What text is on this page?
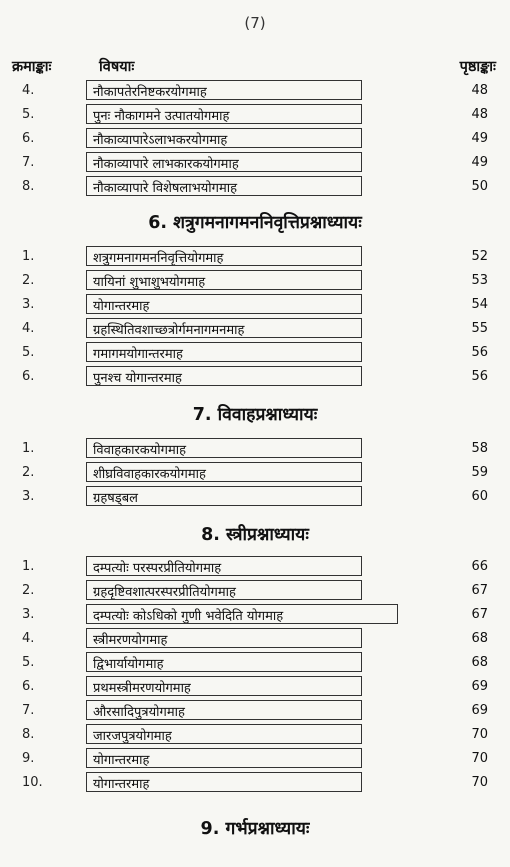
(7)
क्रमाङ्काः	विषयाः	पृष्ठाङ्काः
4.	नौकापतेरनिष्टकरयोगमाह	48
5.	पुनः नौकागमने उत्पातयोगमाह	48
6.	नौकाव्यापारेऽलाभकरयोगमाह	49
7.	नौकाव्यापारे लाभकारकयोगमाह	49
8.	नौकाव्यापारे विशेषलाभयोगमाह	50
6. शत्रुगमनागमननिवृत्तिप्रश्नाध्यायः
1.	शत्रुगमनागमननिवृत्तियोगमाह	52
2.	यायिनां शुभाशुभयोगमाह	53
3.	योगान्तरमाह	54
4.	ग्रहस्थितिवशाच्छत्रोर्गमनागमनमाह	55
5.	गमागमयोगान्तरमाह	56
6.	पुनश्च योगान्तरमाह	56
7. विवाहप्रश्नाध्यायः
1.	विवाहकारकयोगमाह	58
2.	शीघ्रविवाहकारकयोगमाह	59
3.	ग्रहषड्बल	60
8. स्त्रीप्रश्नाध्यायः
1.	दम्पत्योः परस्परप्रीतियोगमाह	66
2.	ग्रहदृष्टिवशात्परस्परप्रीतियोगमाह	67
3.	दम्पत्योः कोऽधिको गुणी भवेदिति योगमाह	67
4.	स्त्रीमरणयोगमाह	68
5.	द्विभार्यायोगमाह	68
6.	प्रथमस्त्रीमरणयोगमाह	69
7.	औरसादिपुत्रयोगमाह	69
8.	जारजपुत्रयोगमाह	70
9.	योगान्तरमाह	70
10.	योगान्तरमाह	70
9. गर्भप्रश्नाध्यायः
